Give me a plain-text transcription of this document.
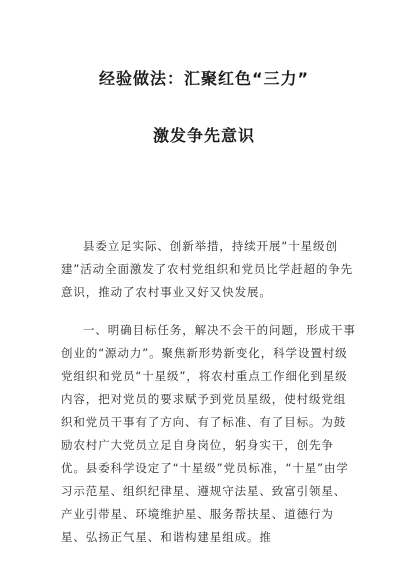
经验做法：汇聚红色“三力”
激发争先意识

县委立足实际、创新举措，持续开展“十星级创建”活动全面激发了农村党组织和党员比学赶超的争先意识，推动了农村事业又好又快发展。

一、明确目标任务，解决不会干的问题，形成干事创业的“源动力”。聚焦新形势新变化，科学设置村级党组织和党员“十星级”，将农村重点工作细化到星级内容，把对党员的要求赋予到党员星级，使村级党组织和党员干事有了方向、有了标准、有了目标。为鼓励农村广大党员立足自身岗位，躬身实干，创先争优。县委科学设定了“十星级”党员标准，“十星”由学习示范星、组织纪律星、遵规守法星、致富引领星、产业引带星、环境维护星、服务帮扶星、道德行为星、弘扬正气星、和谐构建星组成。推
